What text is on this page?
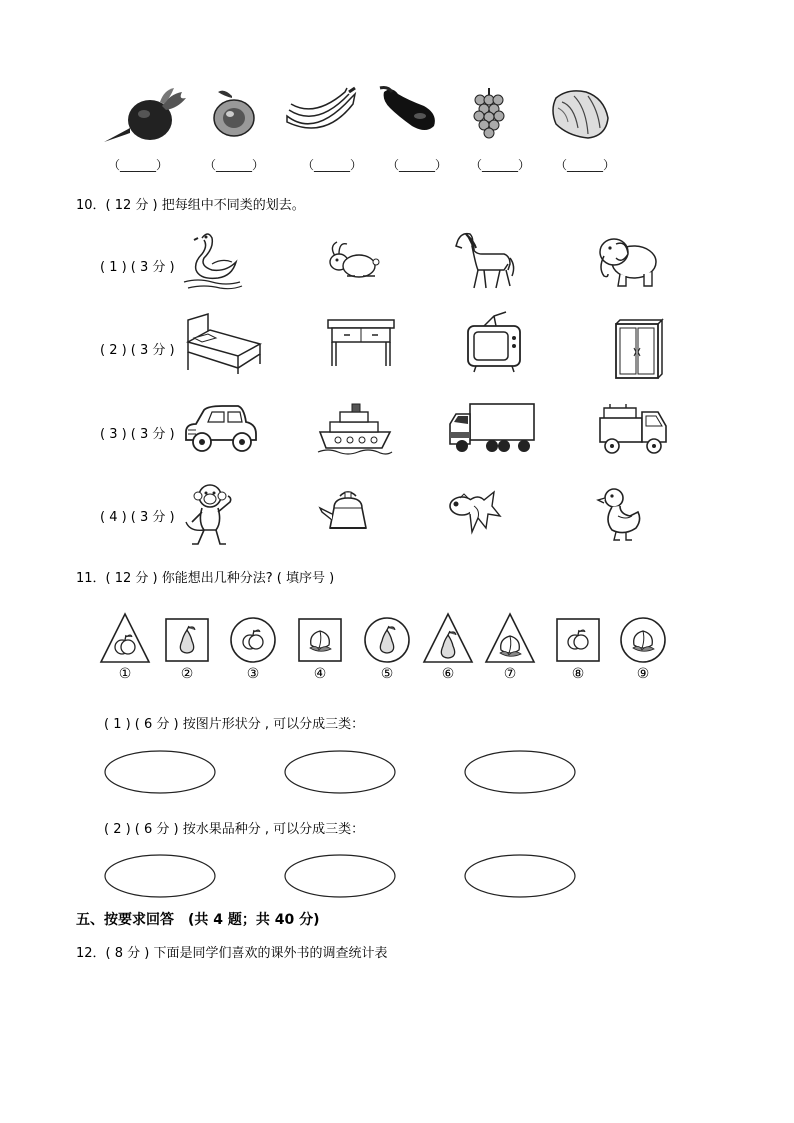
（______）	（______）	（______） （______） （______） （______）
10．( 12 分 ) 把每组中不同类的划去。
( 1 ) ( 3 分 )
( 2 ) ( 3 分 )
( 3 ) ( 3 分 )
( 4 ) ( 3 分 )
11．( 12 分 ) 你能想出几种分法? ( 填序号 )
①	②	③	④	⑤	⑥	⑦	⑧	⑨
( 1 ) ( 6 分 ) 按图片形状分 , 可以分成三类：
( 2 ) ( 6 分 ) 按水果品种分 , 可以分成三类：
五、按要求回答　(共 4 题；共 40 分)
12．( 8 分 ) 下面是同学们喜欢的课外书的调查统计表
